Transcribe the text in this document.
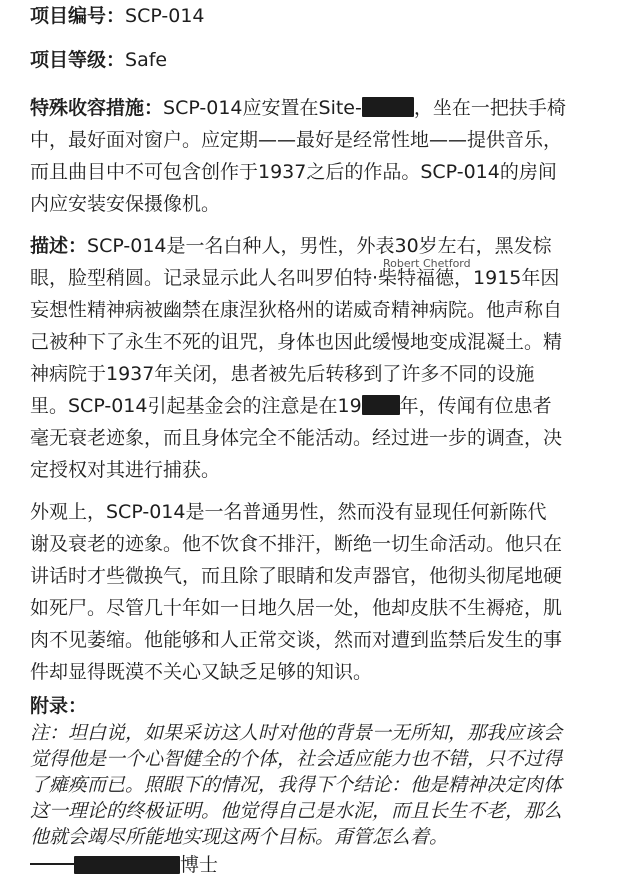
项目编号：SCP-014
项目等级：Safe
特殊收容措施：SCP-014应安置在Site-	，坐在一把扶手椅
中，最好面对窗户。应定期——最好是经常性地——提供音乐，
而且曲目中不可包含创作于1937之后的作品。SCP-014的房间
内应安装安保摄像机。
Robert Chetford
描述：SCP-014是一名白种人，男性，外表30岁左右，黑发棕
眼，脸型稍圆。记录显示此人名叫罗伯特·柴特福德，1915年因
妄想性精神病被幽禁在康涅狄格州的诺威奇精神病院。他声称自
己被种下了永生不死的诅咒，身体也因此缓慢地变成混凝土。精
神病院于1937年关闭，患者被先后转移到了许多不同的设施
里。SCP-014引起基金会的注意是在19 年，传闻有位患者
毫无衰老迹象，而且身体完全不能活动。经过进一步的调查，决
定授权对其进行捕获。
外观上，SCP-014是一名普通男性，然而没有显现任何新陈代
谢及衰老的迹象。他不饮食不排汗，断绝一切生命活动。他只在
讲话时才些微换气，而且除了眼睛和发声器官，他彻头彻尾地硬
如死尸。尽管几十年如一日地久居一处，他却皮肤不生褥疮，肌
肉不见萎缩。他能够和人正常交谈，然而对遭到监禁后发生的事
件却显得既漠不关心又缺乏足够的知识。
附录：
注：坦白说，如果采访这人时对他的背景一无所知，那我应该会
觉得他是一个心智健全的个体，社会适应能力也不错，只不过得
了瘫痪而已。照眼下的情况，我得下个结论：他是精神决定肉体
这一理论的终极证明。他觉得自己是水泥，而且长生不老，那么
他就会竭尽所能地实现这两个目标。甭管怎么着。
博士
